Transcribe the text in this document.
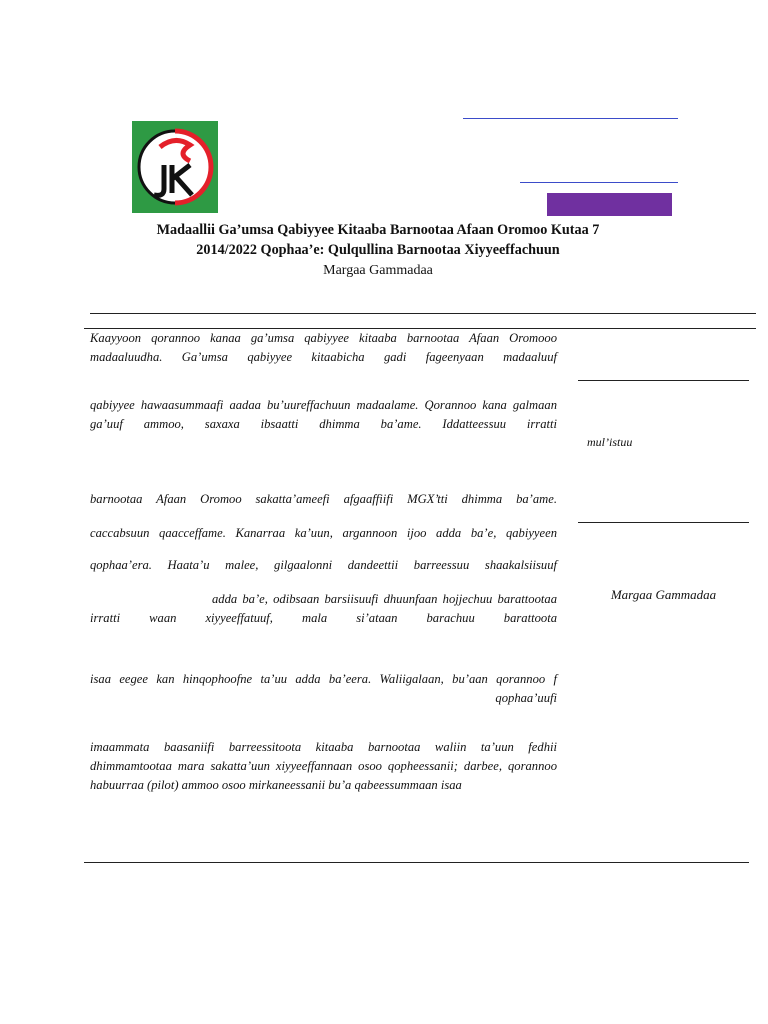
Madaallii Ga’umsa Qabiyyee Kitaaba Barnootaa Afaan Oromoo Kutaa 7
2014/2022 Qophaa’e: Qulqullina Barnootaa Xiyyeeffachuun
Margaa Gammadaa
Kaayyoon qorannoo kanaa ga’umsa qabiyyee kitaaba barnootaa Afaan Oromooo madaaluudha. Ga’umsa qabiyyee kitaabicha gadi fageenyaan madaaluuf
qabiyyee hawaasummaafi aadaa bu’uureffachuun madaalame. Qorannoo kana galmaan ga’uuf ammoo, saxaxa ibsaatti dhimma ba’ame. Iddatteessuu irratti
barnootaa Afaan Oromoo sakatta’ameefi afgaaffiifi MGX’tti dhimma ba’ame.
caccabsuun qaacceffame. Kanarraa ka’uun, argannoon ijoo adda ba’e, qabiyyeen
qophaa’era. Haata’u malee, gilgaalonni dandeettii barreessuu shaakalsiisuuf
adda ba’e, odibsaan barsiisuufi dhuunfaan hojjechuu barattootaa irratti waan xiyyeeffatuuf, mala si’ataan barachuu barattoota
isaa eegee kan hinqophoofne ta’uu adda ba’eera. Waliigalaan, bu’aan qorannoo f qophaa’uufi
imaammata baasaniifi barreessitoota kitaaba barnootaa waliin ta’uun fedhii dhimmamtootaa mara sakatta’uun xiyyeeffannaan osoo qopheessanii; darbee, qorannoo habuurraa (pilot) ammoo osoo mirkaneessanii bu’a qabeessummaan isaa
mul’istuu
Margaa Gammadaa
